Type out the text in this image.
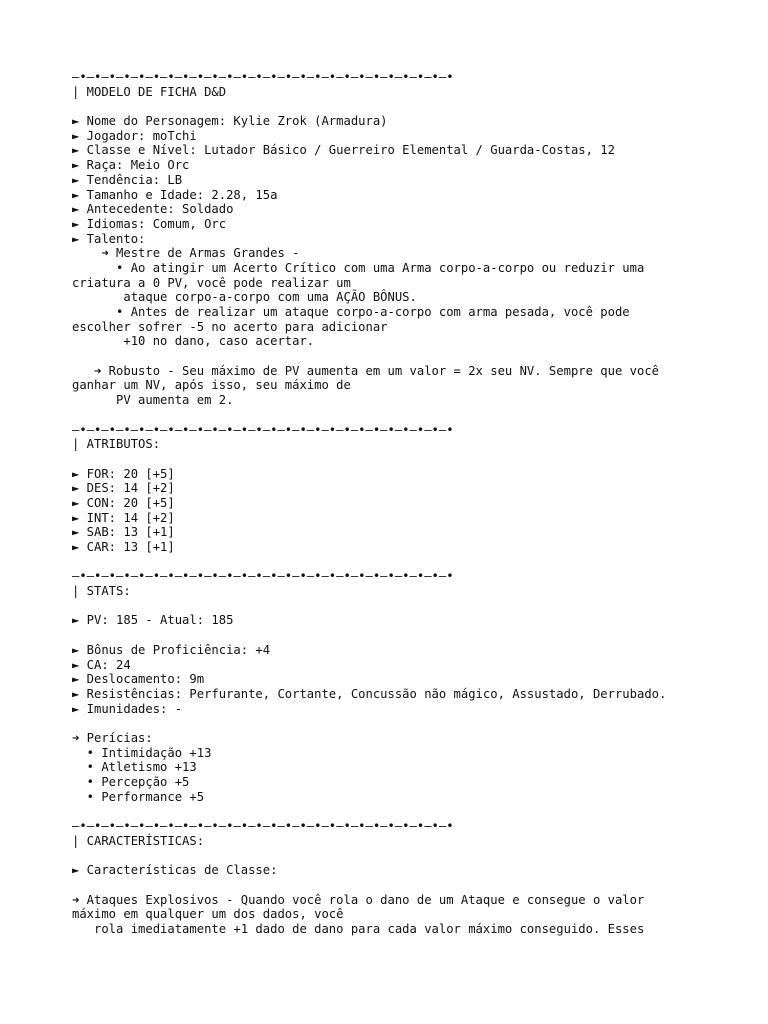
—•—•—•—•—•—•—•—•—•—•—•—•—•—•—•—•—•—•—•—•—•—•—•—•—•—•
| MODELO DE FICHA D&D
► Nome do Personagem: Kylie Zrok (Armadura)
► Jogador: moTchi
► Classe e Nível: Lutador Básico / Guerreiro Elemental / Guarda-Costas, 12
► Raça: Meio Orc
► Tendência: LB
► Tamanho e Idade: 2.28, 15a
► Antecedente: Soldado
► Idiomas: Comum, Orc
► Talento:
➜ Mestre de Armas Grandes -
• Ao atingir um Acerto Crítico com uma Arma corpo-a-corpo ou reduzir uma
criatura a 0 PV, você pode realizar um
ataque corpo-a-corpo com uma AÇÃO BÔNUS.
• Antes de realizar um ataque corpo-a-corpo com arma pesada, você pode
escolher sofrer -5 no acerto para adicionar
+10 no dano, caso acertar.
➜ Robusto - Seu máximo de PV aumenta em um valor = 2x seu NV. Sempre que você
ganhar um NV, após isso, seu máximo de
PV aumenta em 2.
—•—•—•—•—•—•—•—•—•—•—•—•—•—•—•—•—•—•—•—•—•—•—•—•—•—•
| ATRIBUTOS:
► FOR: 20 [+5]
► DES: 14 [+2]
► CON: 20 [+5]
► INT: 14 [+2]
► SAB: 13 [+1]
► CAR: 13 [+1]
—•—•—•—•—•—•—•—•—•—•—•—•—•—•—•—•—•—•—•—•—•—•—•—•—•—•
| STATS:
► PV: 185 - Atual: 185
► Bônus de Proficiência: +4
► CA: 24
► Deslocamento: 9m
► Resistências: Perfurante, Cortante, Concussão não mágico, Assustado, Derrubado.
► Imunidades: -
➜ Perícias:
• Intimidação +13
• Atletismo +13
• Percepção +5
• Performance +5
—•—•—•—•—•—•—•—•—•—•—•—•—•—•—•—•—•—•—•—•—•—•—•—•—•—•
| CARACTERÍSTICAS:
► Características de Classe:
➜ Ataques Explosivos - Quando você rola o dano de um Ataque e consegue o valor
máximo em qualquer um dos dados, você
rola imediatamente +1 dado de dano para cada valor máximo conseguido. Esses
